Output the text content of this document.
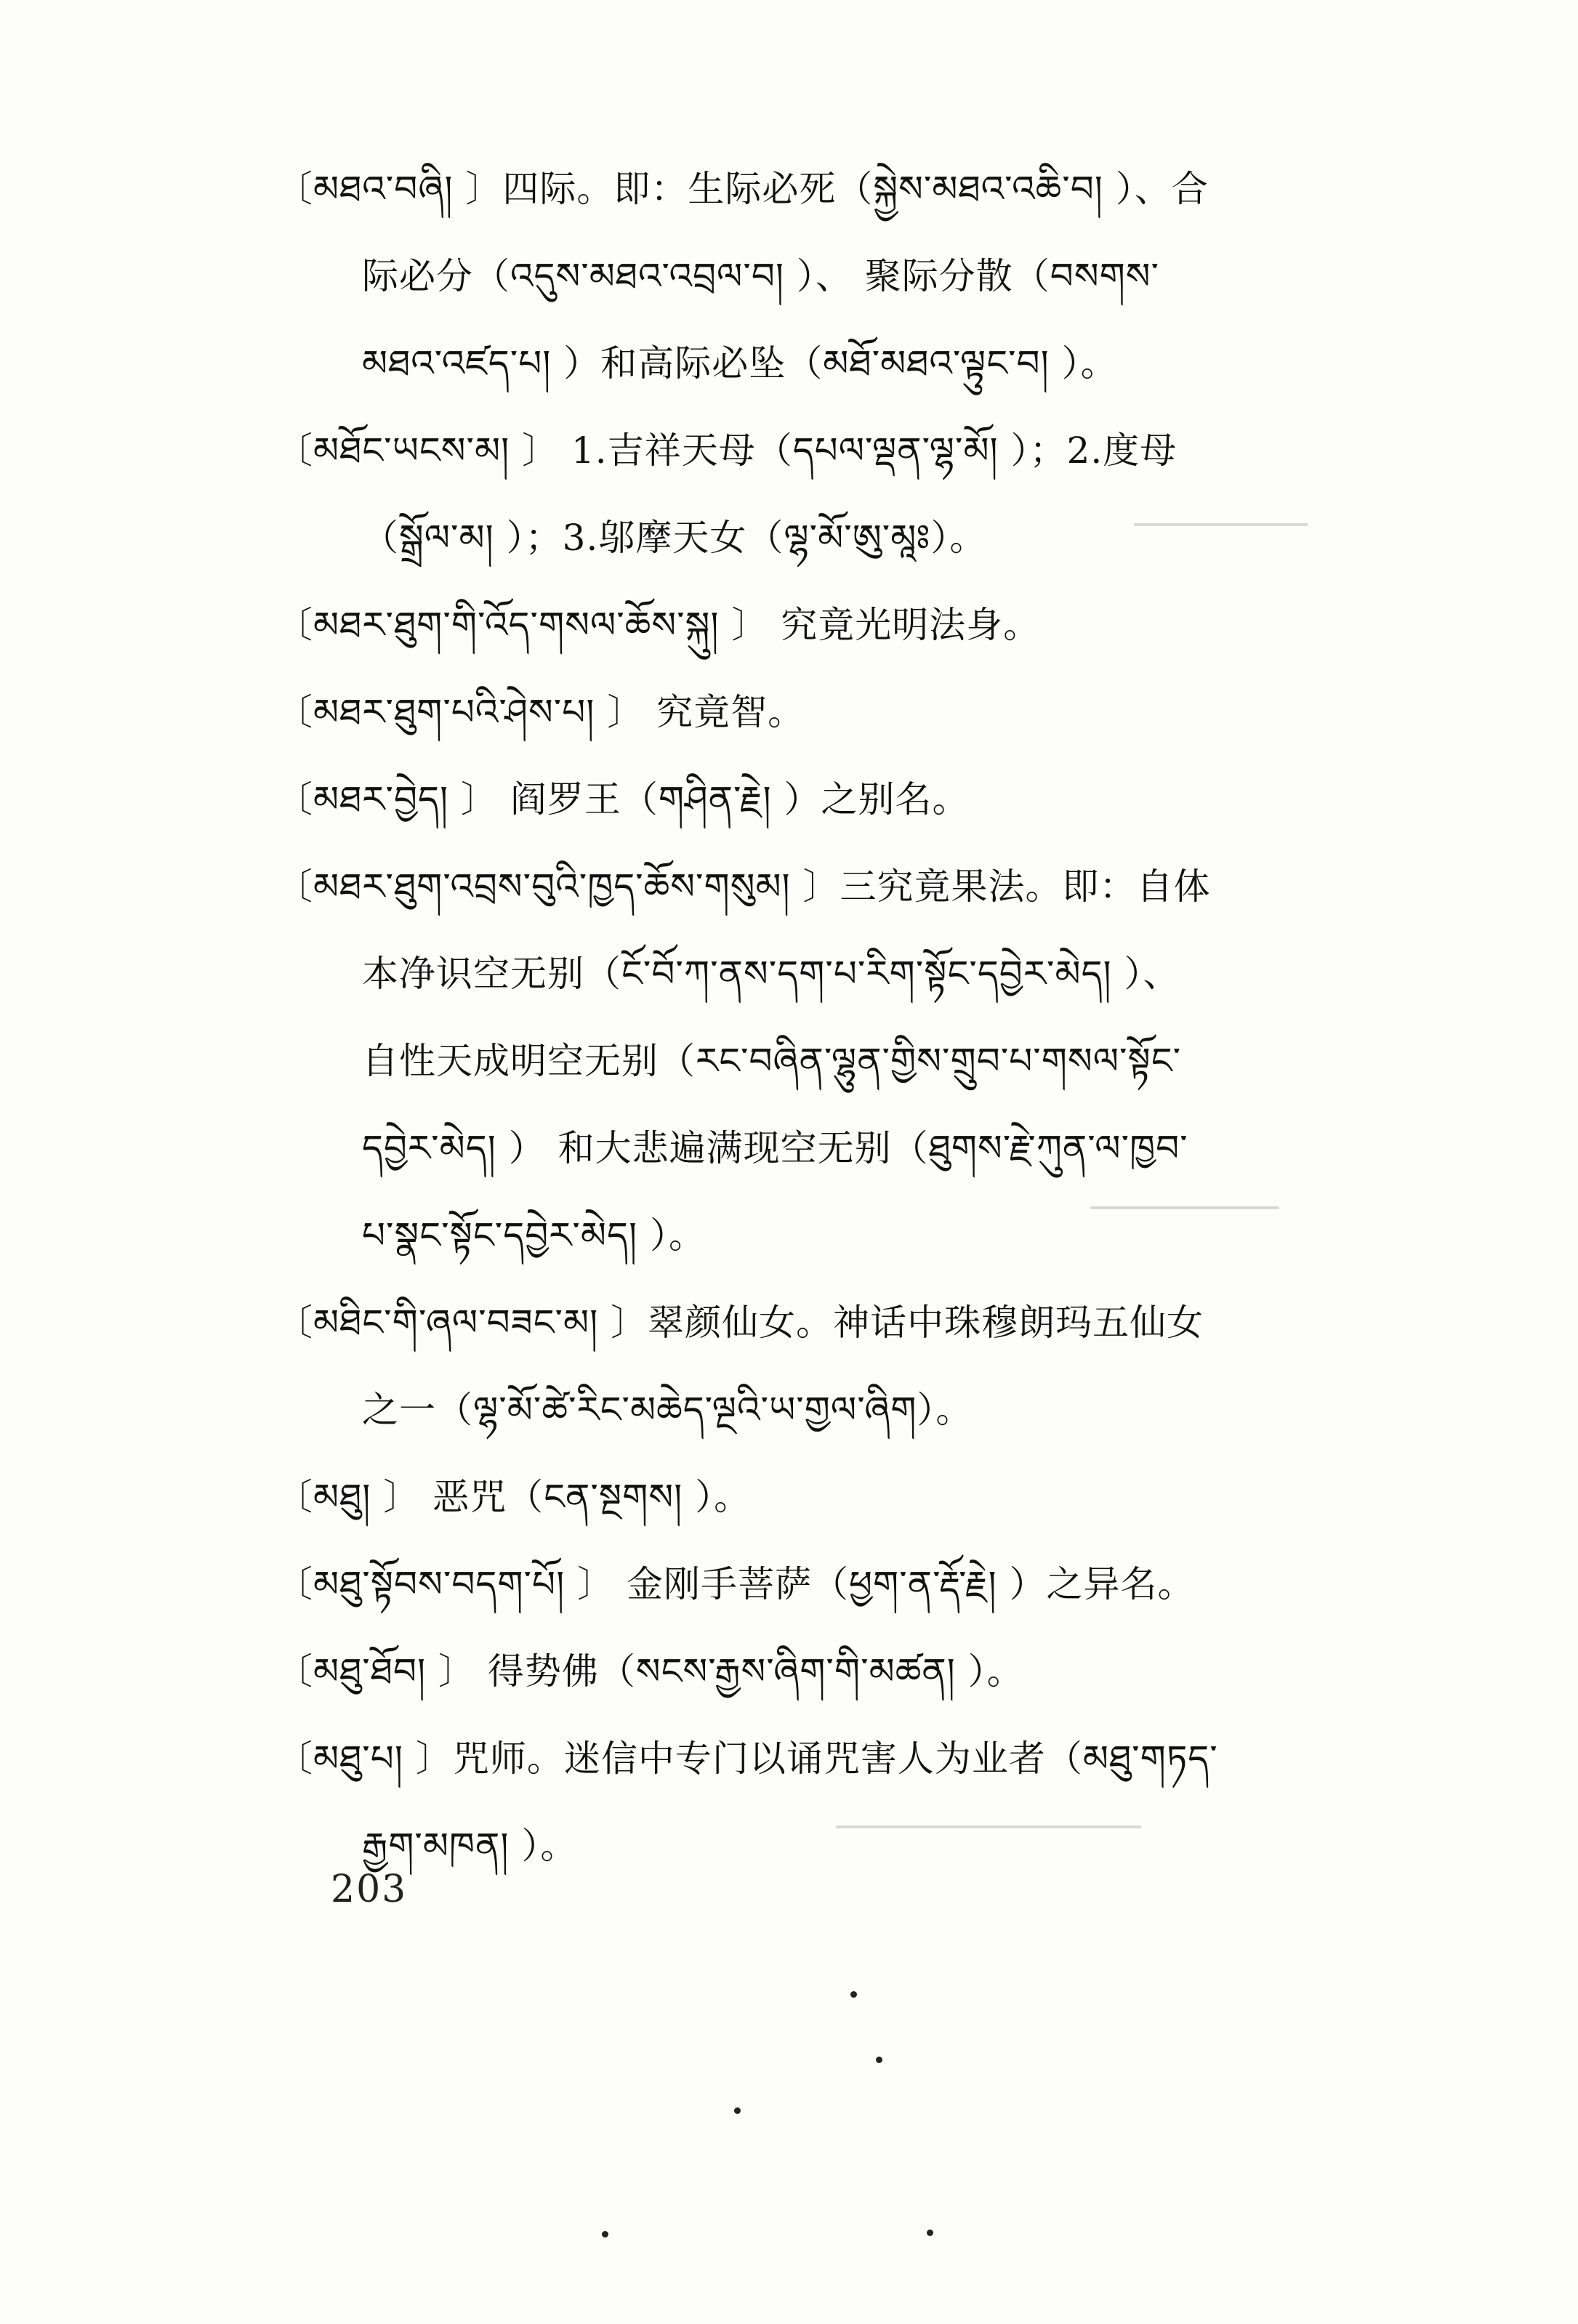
〔མཐའ་བཞི། 〕四际。即：生际必死（སྐྱེས་མཐའ་འཆི་བ། ）、合
际必分（འདུས་མཐའ་འབྲལ་བ། ）、 聚际分散（བསགས་
མཐའ་འཛད་པ། ）和高际必坠（མཐོ་མཐའ་ལྟུང་བ། ）。
〔མཐོང་ཡངས་མ། 〕 1.吉祥天母（དཔལ་ལྡན་ལྷ་མོ། ）；2.度母
（སྒྲོལ་མ། ）；3.邬摩天女（ལྷ་མོ་ཨུ་མཱཿ）。
〔མཐར་ཐུག་གི་འོད་གསལ་ཆོས་སྐུ། 〕 究竟光明法身。
〔མཐར་ཐུག་པའི་ཤེས་པ། 〕 究竟智。
〔མཐར་བྱེད། 〕 阎罗王（གཤིན་རྗེ། ）之别名。
〔མཐར་ཐུག་འབྲས་བུའི་ཁྱད་ཆོས་གསུམ། 〕三究竟果法。即：自体
本净识空无别（ངོ་བོ་ཀ་ནས་དག་པ་རིག་སྟོང་དབྱེར་མེད། ）、
自性天成明空无别（རང་བཞིན་ལྷུན་གྱིས་གྲུབ་པ་གསལ་སྟོང་
དབྱེར་མེད། ） 和大悲遍满现空无别（ཐུགས་རྗེ་ཀུན་ལ་ཁྱབ་
པ་སྣང་སྟོང་དབྱེར་མེད། ）。
〔མཐིང་གི་ཞལ་བཟང་མ། 〕翠颜仙女。神话中珠穆朗玛五仙女
之一（ལྷ་མོ་ཚེ་རིང་མཆེད་ལྔའི་ཡ་གྱལ་ཞིག）。
〔མཐུ། 〕 恶咒（ངན་སྔགས། ）。
〔མཐུ་སྟོབས་བདག་པོ། 〕 金刚手菩萨（ཕྱག་ན་རྡོ་རྗེ། ）之异名。
〔མཐུ་ཐོབ། 〕 得势佛（སངས་རྒྱས་ཞིག་གི་མཚན། ）。
〔མཐུ་པ། 〕咒师。迷信中专门以诵咒害人为业者（མཐུ་གཏད་
རྒྱག་མཁན། ）。
203
